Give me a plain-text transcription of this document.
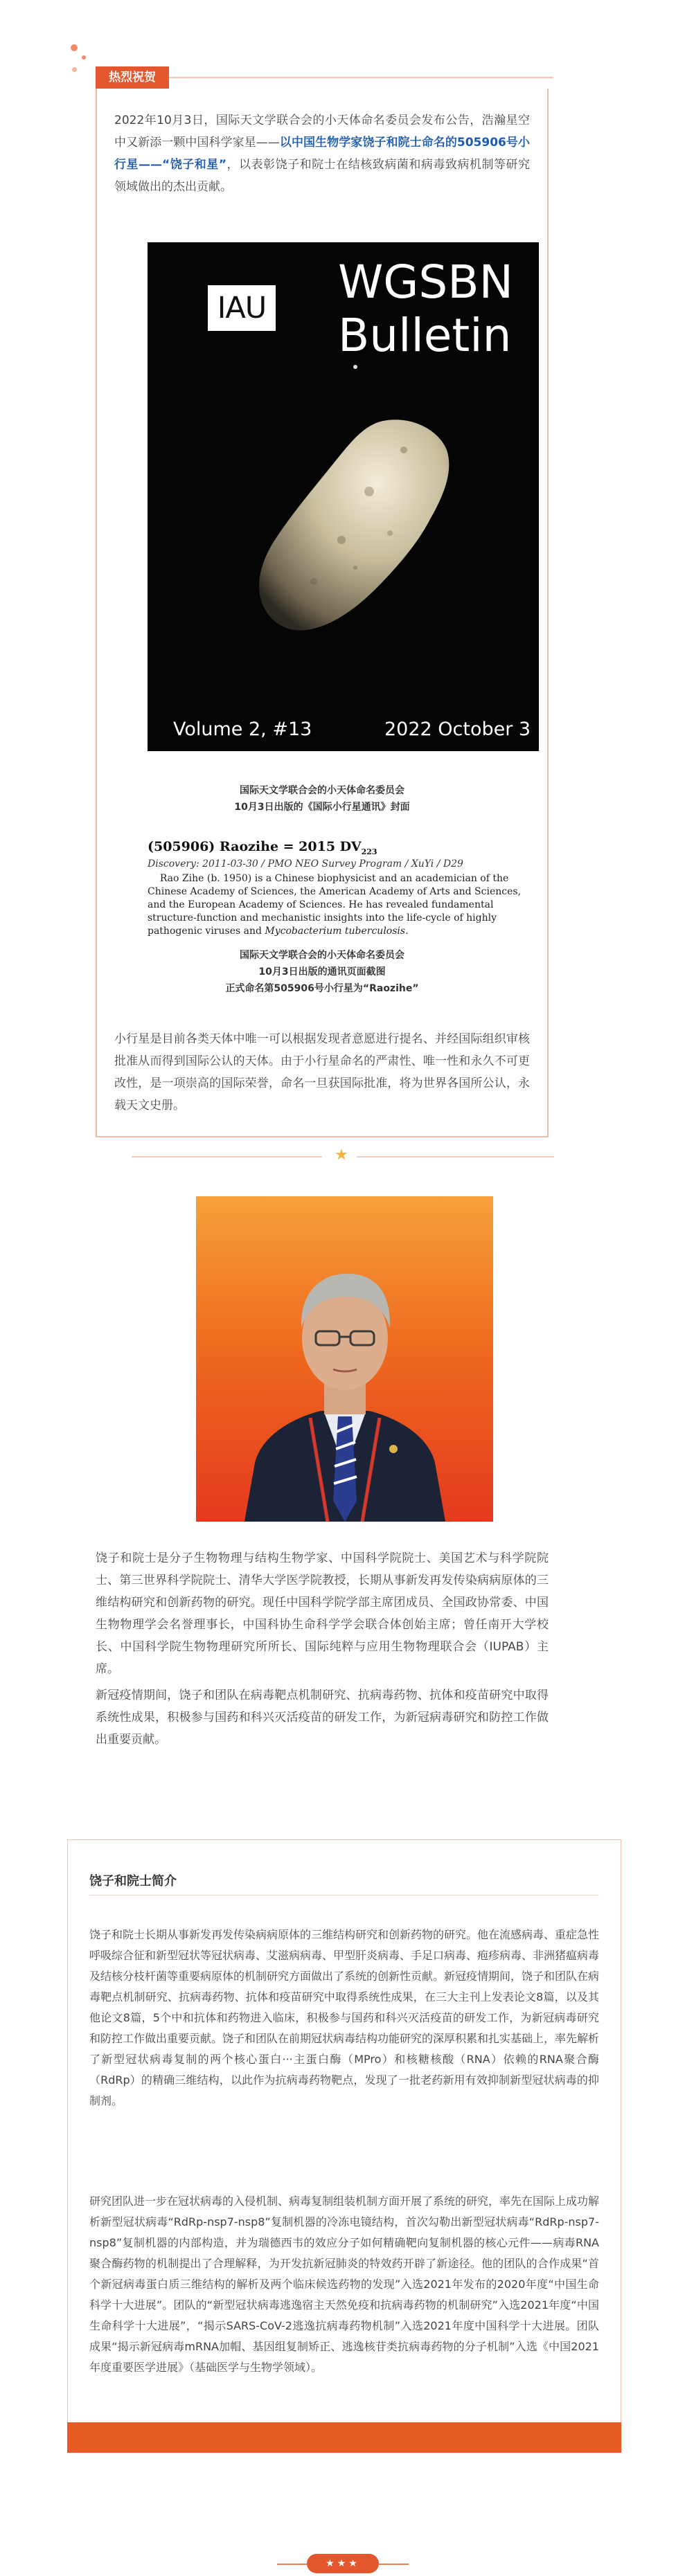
热烈祝贺
2022年10月3日，国际天文学联合会的小天体命名委员会发布公告，浩瀚星空中又新添一颗中国科学家星——以中国生物学家饶子和院士命名的505906号小行星——“饶子和星”，以表彰饶子和院士在结核致病菌和病毒致病机制等研究领域做出的杰出贡献。
IAU WGSBN
Bulletin
Volume 2, #13	2022 October 3
国际天文学联合会的小天体命名委员会
10月3日出版的《国际小行星通讯》封面
(505906) Raozihe = 2015 $DV_{223}$
Discovery: 2011-03-30 / PMO NEO Survey Program / XuYi / D29
Rao Zihe (b. 1950) is a Chinese biophysicist and an academician of the Chinese Academy of Sciences, the American Academy of Arts and Sciences, and the European Academy of Sciences. He has revealed fundamental structure-function and mechanistic insights into the life-cycle of highly pathogenic viruses and Mycobacterium tuberculosis.
国际天文学联合会的小天体命名委员会
10月3日出版的通讯页面截图
正式命名第505906号小行星为“Raozihe”
小行星是目前各类天体中唯一可以根据发现者意愿进行提名、并经国际组织审核批准从而得到国际公认的天体。由于小行星命名的严肃性、唯一性和永久不可更改性，是一项崇高的国际荣誉，命名一旦获国际批准，将为世界各国所公认，永载天文史册。
★
饶子和院士是分子生物物理与结构生物学家、中国科学院院士、美国艺术与科学院院士、第三世界科学院院士、清华大学医学院教授，长期从事新发再发传染病病原体的三维结构研究和创新药物的研究。现任中国科学院学部主席团成员、全国政协常委、中国生物物理学会名誉理事长，中国科协生命科学学会联合体创始主席；曾任南开大学校长、中国科学院生物物理研究所所长、国际纯粹与应用生物物理联合会（IUPAB）主席。
新冠疫情期间，饶子和团队在病毒靶点机制研究、抗病毒药物、抗体和疫苗研究中取得系统性成果，积极参与国药和科兴灭活疫苗的研发工作，为新冠病毒研究和防控工作做出重要贡献。
饶子和院士简介
饶子和院士长期从事新发再发传染病病原体的三维结构研究和创新药物的研究。他在流感病毒、重症急性呼吸综合征和新型冠状等冠状病毒、艾滋病病毒、甲型肝炎病毒、手足口病毒、疱疹病毒、非洲猪瘟病毒及结核分枝杆菌等重要病原体的机制研究方面做出了系统的创新性贡献。新冠疫情期间，饶子和团队在病毒靶点机制研究、抗病毒药物、抗体和疫苗研究中取得系统性成果，在三大主刊上发表论文8篇，以及其他论文8篇，5个中和抗体和药物进入临床，积极参与国药和科兴灭活疫苗的研发工作，为新冠病毒研究和防控工作做出重要贡献。饶子和团队在前期冠状病毒结构功能研究的深厚积累和扎实基础上，率先解析了新型冠状病毒复制的两个核心蛋白···主蛋白酶（MPro）和核糖核酸（RNA）依赖的RNA聚合酶（RdRp）的精确三维结构，以此作为抗病毒药物靶点，发现了一批老药新用有效抑制新型冠状病毒的抑制剂。
研究团队进一步在冠状病毒的入侵机制、病毒复制组装机制方面开展了系统的研究，率先在国际上成功解析新型冠状病毒“RdRp-nsp7-nsp8”复制机器的冷冻电镜结构，首次勾勒出新型冠状病毒“RdRp-nsp7-nsp8”复制机器的内部构造，并为瑞德西韦的效应分子如何精确靶向复制机器的核心元件——病毒RNA聚合酶药物的机制提出了合理解释，为开发抗新冠肺炎的特效药开辟了新途径。他的团队的合作成果“首个新冠病毒蛋白质三维结构的解析及两个临床候选药物的发现”入选2021年发布的2020年度“中国生命科学十大进展”。团队的“新型冠状病毒逃逸宿主天然免疫和抗病毒药物的机制研究”入选2021年度“中国生命科学十大进展”，“揭示SARS-CoV-2逃逸抗病毒药物机制”入选2021年度中国科学十大进展。团队成果“揭示新冠病毒mRNA加帽、基因组复制矫正、逃逸核苷类抗病毒药物的分子机制”入选《中国2021年度重要医学进展》（基础医学与生物学领域）。
★★★
